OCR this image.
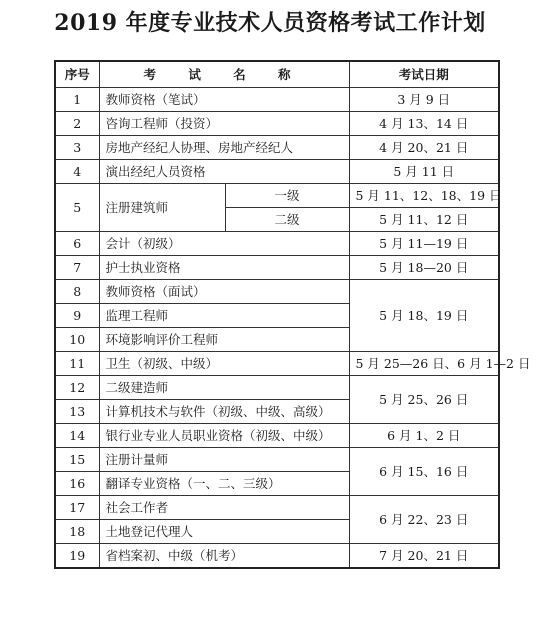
2019 年度专业技术人员资格考试工作计划
序号	考 试 名 称		考试日期
1	教师资格（笔试）		3 月 9 日
2	咨询工程师（投资）		4 月 13、14 日
3	房地产经纪人协理、房地产经纪人		4 月 20、21 日
4	演出经纪人员资格		5 月 11 日
5	注册建筑师	一级	5 月 11、12、18、19 日
		二级	5 月 11、12 日
6	会计（初级）		5 月 11—19 日
7	护士执业资格		5 月 18—20 日
8	教师资格（面试）		5 月 18、19 日
9	监理工程师		
10	环境影响评价工程师		
11	卫生（初级、中级）		5 月 25—26 日、6 月 1—2 日
12	二级建造师		5 月 25、26 日
13	计算机技术与软件（初级、中级、高级）		
14	银行业专业人员职业资格（初级、中级）		6 月 1、2 日
15	注册计量师		6 月 15、16 日
16	翻译专业资格（一、二、三级）		
17	社会工作者		6 月 22、23 日
18	土地登记代理人		
19	省档案初、中级（机考）		7 月 20、21 日
